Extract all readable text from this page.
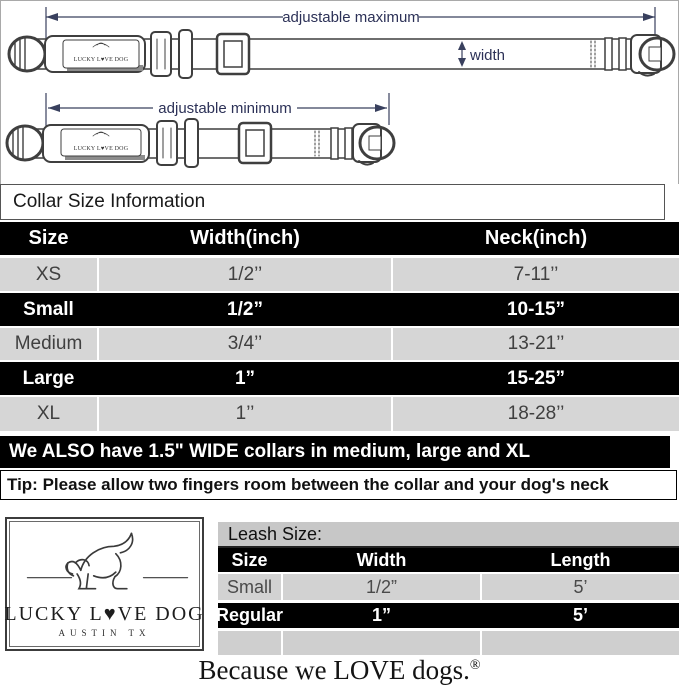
adjustable maximum
LUCKY L♥VE DOG	width
adjustable minimum
LUCKY L♥VE DOG
Collar Size Information
Size	Width(inch)	Neck(inch)
XS	1/2’’	7-11’’
Small	1/2”	10-15”
Medium	3/4’’	13-21’’
Large	1”	15-25”
XL	1’’	18-28’’
We ALSO have 1.5" WIDE collars in medium, large and XL
Tip: Please allow two fingers room between the collar and your dog's neck
LUCKY L♥VE DOG
AUSTIN TX
Leash Size:
Size	Width	Length
Small	1/2”	5’
Regular	1”	5’
Because we LOVE dogs.®
